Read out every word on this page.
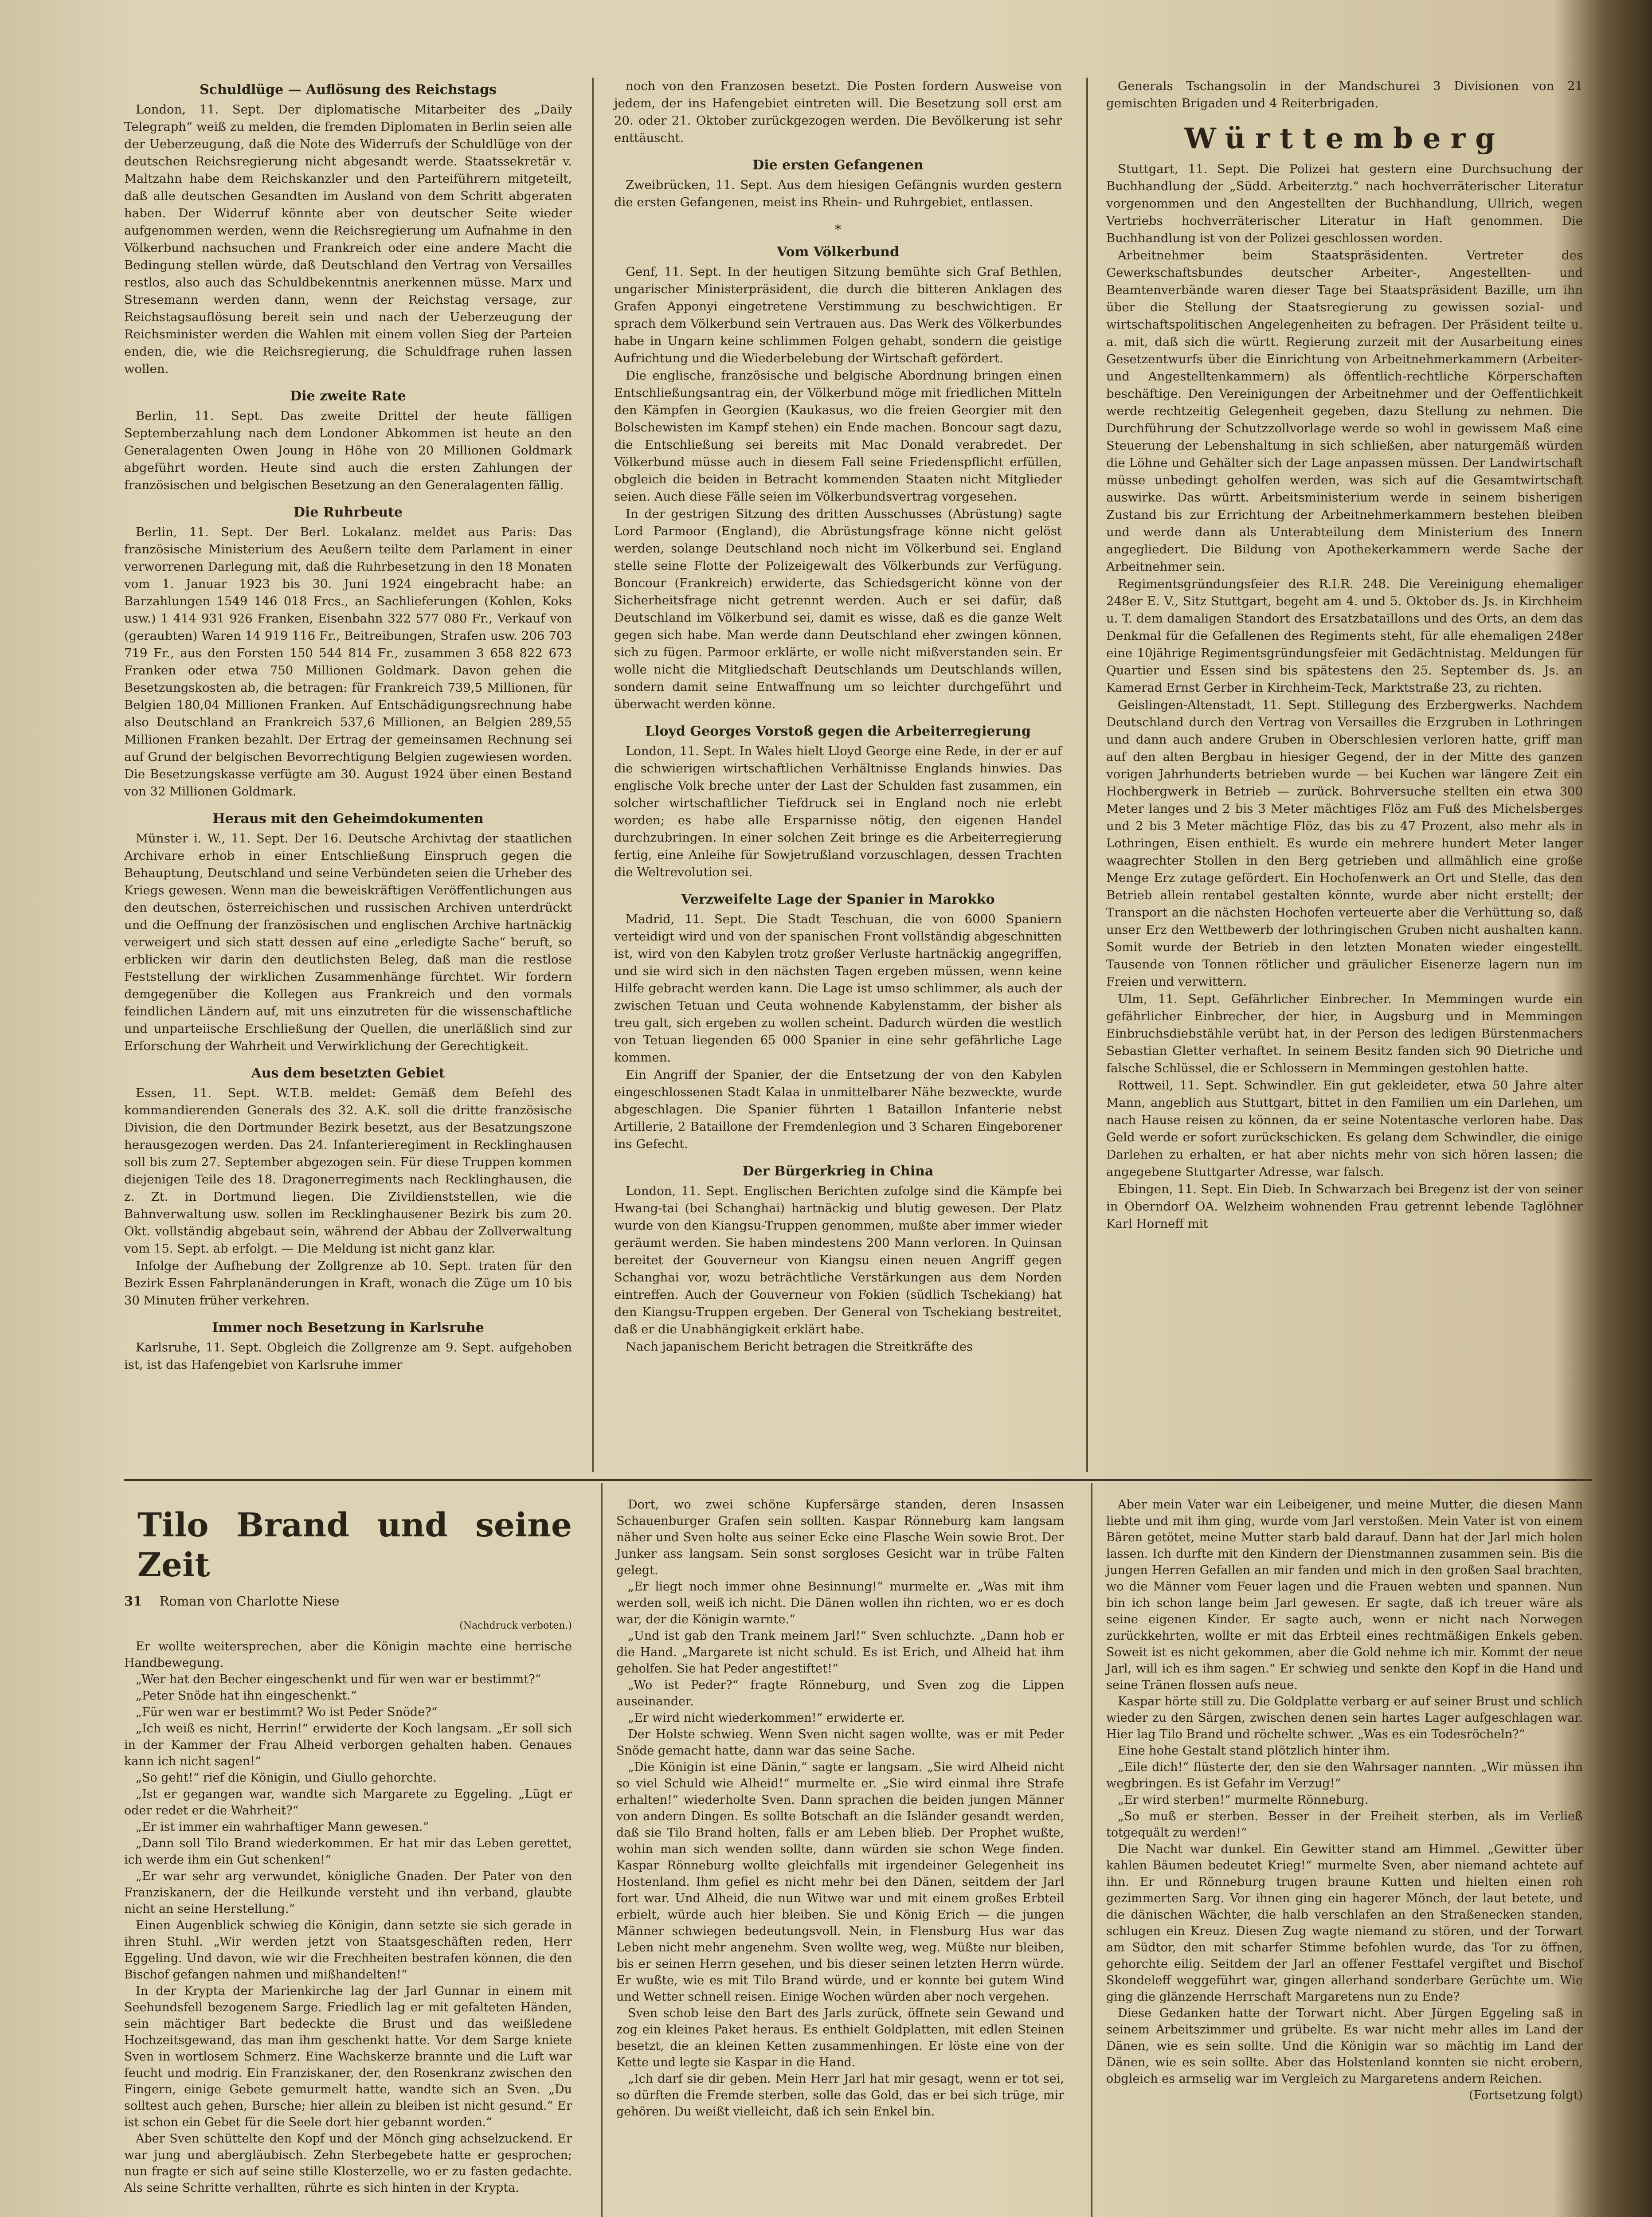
Schuldlüge — Auflösung des Reichstags

London, 11. Sept. Der diplomatische Mitarbeiter des „Daily Telegraph“ weiß zu melden, die fremden Diplomaten in Berlin seien alle der Ueberzeugung, daß die Note des Widerrufs der Schuldlüge von der deutschen Reichsregierung nicht abgesandt werde. Staatssekretär v. Maltzahn habe dem Reichskanzler und den Parteiführern mitgeteilt, daß alle deutschen Gesandten im Ausland von dem Schritt abgeraten haben. Der Widerruf könnte aber von deutscher Seite wieder aufgenommen werden, wenn die Reichsregierung um Aufnahme in den Völkerbund nachsuchen und Frankreich oder eine andere Macht die Bedingung stellen würde, daß Deutschland den Vertrag von Versailles restlos, also auch das Schuldbekenntnis anerkennen müsse. Marx und Stresemann werden dann, wenn der Reichstag versage, zur Reichstagsauflösung bereit sein und nach der Ueberzeugung der Reichsminister werden die Wahlen mit einem vollen Sieg der Parteien enden, die, wie die Reichsregierung, die Schuldfrage ruhen lassen wollen.

Die zweite Rate

Berlin, 11. Sept. Das zweite Drittel der heute fälligen Septemberzahlung nach dem Londoner Abkommen ist heute an den Generalagenten Owen Joung in Höhe von 20 Millionen Goldmark abgeführt worden. Heute sind auch die ersten Zahlungen der französischen und belgischen Besetzung an den Generalagenten fällig.

Die Ruhrbeute

Berlin, 11. Sept. Der Berl. Lokalanz. meldet aus Paris: Das französische Ministerium des Aeußern teilte dem Parlament in einer verworrenen Darlegung mit, daß die Ruhrbesetzung in den 18 Monaten vom 1. Januar 1923 bis 30. Juni 1924 eingebracht habe: an Barzahlungen 1549 146 018 Frcs., an Sachlieferungen (Kohlen, Koks usw.) 1 414 931 926 Franken, Eisenbahn 322 577 080 Fr., Verkauf von (geraubten) Waren 14 919 116 Fr., Beitreibungen, Strafen usw. 206 703 719 Fr., aus den Forsten 150 544 814 Fr., zusammen 3 658 822 673 Franken oder etwa 750 Millionen Goldmark. Davon gehen die Besetzungskosten ab, die betragen: für Frankreich 739,5 Millionen, für Belgien 180,04 Millionen Franken. Auf Entschädigungsrechnung habe also Deutschland an Frankreich 537,6 Millionen, an Belgien 289,55 Millionen Franken bezahlt. Der Ertrag der gemeinsamen Rechnung sei auf Grund der belgischen Bevorrechtigung Belgien zugewiesen worden. Die Besetzungskasse verfügte am 30. August 1924 über einen Bestand von 32 Millionen Goldmark.

Heraus mit den Geheimdokumenten

Münster i. W., 11. Sept. Der 16. Deutsche Archivtag der staatlichen Archivare erhob in einer Entschließung Einspruch gegen die Behauptung, Deutschland und seine Verbündeten seien die Urheber des Kriegs gewesen. Wenn man die beweiskräftigen Veröffentlichungen aus den deutschen, österreichischen und russischen Archiven unterdrückt und die Oeffnung der französischen und englischen Archive hartnäckig verweigert und sich statt dessen auf eine „erledigte Sache“ beruft, so erblicken wir darin den deutlichsten Beleg, daß man die restlose Feststellung der wirklichen Zusammenhänge fürchtet. Wir fordern demgegenüber die Kollegen aus Frankreich und den vormals feindlichen Ländern auf, mit uns einzutreten für die wissenschaftliche und unparteiische Erschließung der Quellen, die unerläßlich sind zur Erforschung der Wahrheit und Verwirklichung der Gerechtigkeit.

Aus dem besetzten Gebiet

Essen, 11. Sept. W.T.B. meldet: Gemäß dem Befehl des kommandierenden Generals des 32. A.K. soll die dritte französische Division, die den Dortmunder Bezirk besetzt, aus der Besatzungszone herausgezogen werden. Das 24. Infanterieregiment in Recklinghausen soll bis zum 27. September abgezogen sein. Für diese Truppen kommen diejenigen Teile des 18. Dragonerregiments nach Recklinghausen, die z. Zt. in Dortmund liegen. Die Zivildienststellen, wie die Bahnverwaltung usw. sollen im Recklinghausener Bezirk bis zum 20. Okt. vollständig abgebaut sein, während der Abbau der Zollverwaltung vom 15. Sept. ab erfolgt. — Die Meldung ist nicht ganz klar.

Infolge der Aufhebung der Zollgrenze ab 10. Sept. traten für den Bezirk Essen Fahrplanänderungen in Kraft, wonach die Züge um 10 bis 30 Minuten früher verkehren.

Immer noch Besetzung in Karlsruhe

Karlsruhe, 11. Sept. Obgleich die Zollgrenze am 9. Sept. aufgehoben ist, ist das Hafengebiet von Karlsruhe immer

noch von den Franzosen besetzt. Die Posten fordern Ausweise von jedem, der ins Hafengebiet eintreten will. Die Besetzung soll erst am 20. oder 21. Oktober zurückgezogen werden. Die Bevölkerung ist sehr enttäuscht.

Die ersten Gefangenen

Zweibrücken, 11. Sept. Aus dem hiesigen Gefängnis wurden gestern die ersten Gefangenen, meist ins Rhein- und Ruhrgebiet, entlassen.

*
Vom Völkerbund

Genf, 11. Sept. In der heutigen Sitzung bemühte sich Graf Bethlen, ungarischer Ministerpräsident, die durch die bitteren Anklagen des Grafen Apponyi eingetretene Verstimmung zu beschwichtigen. Er sprach dem Völkerbund sein Vertrauen aus. Das Werk des Völkerbundes habe in Ungarn keine schlimmen Folgen gehabt, sondern die geistige Aufrichtung und die Wiederbelebung der Wirtschaft gefördert.

Die englische, französische und belgische Abordnung bringen einen Entschließungsantrag ein, der Völkerbund möge mit friedlichen Mitteln den Kämpfen in Georgien (Kaukasus, wo die freien Georgier mit den Bolschewisten im Kampf stehen) ein Ende machen. Boncour sagt dazu, die Entschließung sei bereits mit Mac Donald verabredet. Der Völkerbund müsse auch in diesem Fall seine Friedenspflicht erfüllen, obgleich die beiden in Betracht kommenden Staaten nicht Mitglieder seien. Auch diese Fälle seien im Völkerbundsvertrag vorgesehen.

In der gestrigen Sitzung des dritten Ausschusses (Abrüstung) sagte Lord Parmoor (England), die Abrüstungsfrage könne nicht gelöst werden, solange Deutschland noch nicht im Völkerbund sei. England stelle seine Flotte der Polizeigewalt des Völkerbunds zur Verfügung. Boncour (Frankreich) erwiderte, das Schiedsgericht könne von der Sicherheitsfrage nicht getrennt werden. Auch er sei dafür, daß Deutschland im Völkerbund sei, damit es wisse, daß es die ganze Welt gegen sich habe. Man werde dann Deutschland eher zwingen können, sich zu fügen. Parmoor erklärte, er wolle nicht mißverstanden sein. Er wolle nicht die Mitgliedschaft Deutschlands um Deutschlands willen, sondern damit seine Entwaffnung um so leichter durchgeführt und überwacht werden könne.

Lloyd Georges Vorstoß gegen die Arbeiterregierung

London, 11. Sept. In Wales hielt Lloyd George eine Rede, in der er auf die schwierigen wirtschaftlichen Verhältnisse Englands hinwies. Das englische Volk breche unter der Last der Schulden fast zusammen, ein solcher wirtschaftlicher Tiefdruck sei in England noch nie erlebt worden; es habe alle Ersparnisse nötig, den eigenen Handel durchzubringen. In einer solchen Zeit bringe es die Arbeiterregierung fertig, eine Anleihe für Sowjetrußland vorzuschlagen, dessen Trachten die Weltrevolution sei.

Verzweifelte Lage der Spanier in Marokko

Madrid, 11. Sept. Die Stadt Teschuan, die von 6000 Spaniern verteidigt wird und von der spanischen Front vollständig abgeschnitten ist, wird von den Kabylen trotz großer Verluste hartnäckig angegriffen, und sie wird sich in den nächsten Tagen ergeben müssen, wenn keine Hilfe gebracht werden kann. Die Lage ist umso schlimmer, als auch der zwischen Tetuan und Ceuta wohnende Kabylenstamm, der bisher als treu galt, sich ergeben zu wollen scheint. Dadurch würden die westlich von Tetuan liegenden 65 000 Spanier in eine sehr gefährliche Lage kommen.

Ein Angriff der Spanier, der die Entsetzung der von den Kabylen eingeschlossenen Stadt Kalaa in unmittelbarer Nähe bezweckte, wurde abgeschlagen. Die Spanier führten 1 Bataillon Infanterie nebst Artillerie, 2 Bataillone der Fremdenlegion und 3 Scharen Eingeborener ins Gefecht.

Der Bürgerkrieg in China

London, 11. Sept. Englischen Berichten zufolge sind die Kämpfe bei Hwang-tai (bei Schanghai) hartnäckig und blutig gewesen. Der Platz wurde von den Kiangsu-Truppen genommen, mußte aber immer wieder geräumt werden. Sie haben mindestens 200 Mann verloren. In Quinsan bereitet der Gouverneur von Kiangsu einen neuen Angriff gegen Schanghai vor, wozu beträchtliche Verstärkungen aus dem Norden eintreffen. Auch der Gouverneur von Fokien (südlich Tschekiang) hat den Kiangsu-Truppen ergeben. Der General von Tschekiang bestreitet, daß er die Unabhängigkeit erklärt habe.

Nach japanischem Bericht betragen die Streitkräfte des

Generals Tschangsolin in der Mandschurei 3 Divisionen von 21 gemischten Brigaden und 4 Reiterbrigaden.

Württemberg

Stuttgart, 11. Sept. Die Polizei hat gestern eine Durchsuchung der Buchhandlung der „Südd. Arbeiterztg.“ nach hochverräterischer Literatur vorgenommen und den Angestellten der Buchhandlung, Ullrich, wegen Vertriebs hochverräterischer Literatur in Haft genommen. Die Buchhandlung ist von der Polizei geschlossen worden.

Arbeitnehmer beim Staatspräsidenten. Vertreter des Gewerkschaftsbundes deutscher Arbeiter-, Angestellten- und Beamtenverbände waren dieser Tage bei Staatspräsident Bazille, um ihn über die Stellung der Staatsregierung zu gewissen sozial- und wirtschaftspolitischen Angelegenheiten zu befragen. Der Präsident teilte u. a. mit, daß sich die württ. Regierung zurzeit mit der Ausarbeitung eines Gesetzentwurfs über die Einrichtung von Arbeitnehmerkammern (Arbeiter- und Angestelltenkammern) als öffentlich-rechtliche Körperschaften beschäftige. Den Vereinigungen der Arbeitnehmer und der Oeffentlichkeit werde rechtzeitig Gelegenheit gegeben, dazu Stellung zu nehmen. Die Durchführung der Schutzzollvorlage werde so wohl in gewissem Maß eine Steuerung der Lebenshaltung in sich schließen, aber naturgemäß würden die Löhne und Gehälter sich der Lage anpassen müssen. Der Landwirtschaft müsse unbedingt geholfen werden, was sich auf die Gesamtwirtschaft auswirke. Das württ. Arbeitsministerium werde in seinem bisherigen Zustand bis zur Errichtung der Arbeitnehmerkammern bestehen bleiben und werde dann als Unterabteilung dem Ministerium des Innern angegliedert. Die Bildung von Apothekerkammern werde Sache der Arbeitnehmer sein.

Regimentsgründungsfeier des R.I.R. 248. Die Vereinigung ehemaliger 248er E. V., Sitz Stuttgart, begeht am 4. und 5. Oktober ds. Js. in Kirchheim u. T. dem damaligen Standort des Ersatzbataillons und des Orts, an dem das Denkmal für die Gefallenen des Regiments steht, für alle ehemaligen 248er eine 10jährige Regimentsgründungsfeier mit Gedächtnistag. Meldungen für Quartier und Essen sind bis spätestens den 25. September ds. Js. an Kamerad Ernst Gerber in Kirchheim-Teck, Marktstraße 23, zu richten.

Geislingen-Altenstadt, 11. Sept. Stillegung des Erzbergwerks. Nachdem Deutschland durch den Vertrag von Versailles die Erzgruben in Lothringen und dann auch andere Gruben in Oberschlesien verloren hatte, griff man auf den alten Bergbau in hiesiger Gegend, der in der Mitte des ganzen vorigen Jahrhunderts betrieben wurde — bei Kuchen war längere Zeit ein Hochbergwerk in Betrieb — zurück. Bohrversuche stellten ein etwa 300 Meter langes und 2 bis 3 Meter mächtiges Flöz am Fuß des Michelsberges und 2 bis 3 Meter mächtige Flöz, das bis zu 47 Prozent, also mehr als in Lothringen, Eisen enthielt. Es wurde ein mehrere hundert Meter langer waagrechter Stollen in den Berg getrieben und allmählich eine große Menge Erz zutage gefördert. Ein Hochofenwerk an Ort und Stelle, das den Betrieb allein rentabel gestalten könnte, wurde aber nicht erstellt; der Transport an die nächsten Hochofen verteuerte aber die Verhüttung so, daß unser Erz den Wettbewerb der lothringischen Gruben nicht aushalten kann. Somit wurde der Betrieb in den letzten Monaten wieder eingestellt. Tausende von Tonnen rötlicher und gräulicher Eisenerze lagern nun im Freien und verwittern.

Ulm, 11. Sept. Gefährlicher Einbrecher. In Memmingen wurde ein gefährlicher Einbrecher, der hier, in Augsburg und in Memmingen Einbruchsdiebstähle verübt hat, in der Person des ledigen Bürstenmachers Sebastian Gletter verhaftet. In seinem Besitz fanden sich 90 Dietriche und falsche Schlüssel, die er Schlossern in Memmingen gestohlen hatte.

Rottweil, 11. Sept. Schwindler. Ein gut gekleideter, etwa 50 Jahre alter Mann, angeblich aus Stuttgart, bittet in den Familien um ein Darlehen, um nach Hause reisen zu können, da er seine Notentasche verloren habe. Das Geld werde er sofort zurückschicken. Es gelang dem Schwindler, die einige Darlehen zu erhalten, er hat aber nichts mehr von sich hören lassen; die angegebene Stuttgarter Adresse, war falsch.

Ebingen, 11. Sept. Ein Dieb. In Schwarzach bei Bregenz ist der von seiner in Oberndorf OA. Welzheim wohnenden Frau getrennt lebende Taglöhner Karl Horneff mit

Tilo Brand und seine Zeit
31 Roman von Charlotte Niese
(Nachdruck verboten.)

Er wollte weitersprechen, aber die Königin machte eine herrische Handbewegung.

„Wer hat den Becher eingeschenkt und für wen war er bestimmt?“

„Peter Snöde hat ihn eingeschenkt.“

„Für wen war er bestimmt? Wo ist Peder Snöde?“

„Ich weiß es nicht, Herrin!“ erwiderte der Koch langsam. „Er soll sich in der Kammer der Frau Alheid verborgen gehalten haben. Genaues kann ich nicht sagen!“

„So geht!“ rief die Königin, und Giullo gehorchte.

„Ist er gegangen war, wandte sich Margarete zu Eggeling. „Lügt er oder redet er die Wahrheit?“

„Er ist immer ein wahrhaftiger Mann gewesen.“

„Dann soll Tilo Brand wiederkommen. Er hat mir das Leben gerettet, ich werde ihm ein Gut schenken!“

„Er war sehr arg verwundet, königliche Gnaden. Der Pater von den Franziskanern, der die Heilkunde versteht und ihn verband, glaubte nicht an seine Herstellung.“

Einen Augenblick schwieg die Königin, dann setzte sie sich gerade in ihren Stuhl. „Wir werden jetzt von Staatsgeschäften reden, Herr Eggeling. Und davon, wie wir die Frechheiten bestrafen können, die den Bischof gefangen nahmen und mißhandelten!“

In der Krypta der Marienkirche lag der Jarl Gunnar in einem mit Seehundsfell bezogenem Sarge. Friedlich lag er mit gefalteten Händen, sein mächtiger Bart bedeckte die Brust und das weißledene Hochzeitsgewand, das man ihm geschenkt hatte. Vor dem Sarge kniete Sven in wortlosem Schmerz. Eine Wachskerze brannte und die Luft war feucht und modrig. Ein Franziskaner, der, den Rosenkranz zwischen den Fingern, einige Gebete gemurmelt hatte, wandte sich an Sven. „Du solltest auch gehen, Bursche; hier allein zu bleiben ist nicht gesund.“ Er ist schon ein Gebet für die Seele dort hier gebannt worden.“

Aber Sven schüttelte den Kopf und der Mönch ging achselzuckend. Er war jung und abergläubisch. Zehn Sterbegebete hatte er gesprochen; nun fragte er sich auf seine stille Klosterzelle, wo er zu fasten gedachte. Als seine Schritte verhallten, rührte es sich hinten in der Krypta.

Dort, wo zwei schöne Kupfersärge standen, deren Insassen Schauenburger Grafen sein sollten. Kaspar Rönneburg kam langsam näher und Sven holte aus seiner Ecke eine Flasche Wein sowie Brot. Der Junker ass langsam. Sein sonst sorgloses Gesicht war in trübe Falten gelegt.

„Er liegt noch immer ohne Besinnung!“ murmelte er. „Was mit ihm werden soll, weiß ich nicht. Die Dänen wollen ihn richten, wo er es doch war, der die Königin warnte.“

„Und ist gab den Trank meinem Jarl!“ Sven schluchzte. „Dann hob er die Hand. „Margarete ist nicht schuld. Es ist Erich, und Alheid hat ihm geholfen. Sie hat Peder angestiftet!“

„Wo ist Peder?“ fragte Rönneburg, und Sven zog die Lippen auseinander.

„Er wird nicht wiederkommen!“ erwiderte er.

Der Holste schwieg. Wenn Sven nicht sagen wollte, was er mit Peder Snöde gemacht hatte, dann war das seine Sache.

„Die Königin ist eine Dänin,“ sagte er langsam. „Sie wird Alheid nicht so viel Schuld wie Alheid!“ murmelte er. „Sie wird einmal ihre Strafe erhalten!“ wiederholte Sven. Dann sprachen die beiden jungen Männer von andern Dingen. Es sollte Botschaft an die Isländer gesandt werden, daß sie Tilo Brand holten, falls er am Leben blieb. Der Prophet wußte, wohin man sich wenden sollte, dann würden sie schon Wege finden. Kaspar Rönneburg wollte gleichfalls mit irgendeiner Gelegenheit ins Hostenland. Ihm gefiel es nicht mehr bei den Dänen, seitdem der Jarl fort war. Und Alheid, die nun Witwe war und mit einem großes Erbteil erbielt, würde auch hier bleiben. Sie und König Erich — die jungen Männer schwiegen bedeutungsvoll. Nein, in Flensburg Hus war das Leben nicht mehr angenehm. Sven wollte weg, weg. Müßte nur bleiben, bis er seinen Herrn gesehen, und bis dieser seinen letzten Herrn würde. Er wußte, wie es mit Tilo Brand würde, und er konnte bei gutem Wind und Wetter schnell reisen. Einige Wochen würden aber noch vergehen.

Sven schob leise den Bart des Jarls zurück, öffnete sein Gewand und zog ein kleines Paket heraus. Es enthielt Goldplatten, mit edlen Steinen besetzt, die an kleinen Ketten zusammenhingen. Er löste eine von der Kette und legte sie Kaspar in die Hand.

„Ich darf sie dir geben. Mein Herr Jarl hat mir gesagt, wenn er tot sei, so dürften die Fremde sterben, solle das Gold, das er bei sich trüge, mir gehören. Du weißt vielleicht, daß ich sein Enkel bin.

Aber mein Vater war ein Leibeigener, und meine Mutter, die diesen Mann liebte und mit ihm ging, wurde vom Jarl verstoßen. Mein Vater ist von einem Bären getötet, meine Mutter starb bald darauf. Dann hat der Jarl mich holen lassen. Ich durfte mit den Kindern der Dienstmannen zusammen sein. Bis die jungen Herren Gefallen an mir fanden und mich in den großen Saal brachten, wo die Männer vom Feuer lagen und die Frauen webten und spannen. Nun bin ich schon lange beim Jarl gewesen. Er sagte, daß ich treuer wäre als seine eigenen Kinder. Er sagte auch, wenn er nicht nach Norwegen zurückkehrten, wollte er mit das Erbteil eines rechtmäßigen Enkels geben. Soweit ist es nicht gekommen, aber die Gold nehme ich mir. Kommt der neue Jarl, will ich es ihm sagen.“ Er schwieg und senkte den Kopf in die Hand und seine Tränen flossen aufs neue.

Kaspar hörte still zu. Die Goldplatte verbarg er auf seiner Brust und schlich wieder zu den Särgen, zwischen denen sein hartes Lager aufgeschlagen war. Hier lag Tilo Brand und röchelte schwer. „Was es ein Todesröcheln?“

Eine hohe Gestalt stand plötzlich hinter ihm.

„Eile dich!“ flüsterte der, den sie den Wahrsager nannten. „Wir müssen ihn wegbringen. Es ist Gefahr im Verzug!“

„Er wird sterben!“ murmelte Rönneburg.

„So muß er sterben. Besser in der Freiheit sterben, als im Verließ totgequält zu werden!“

Die Nacht war dunkel. Ein Gewitter stand am Himmel. „Gewitter über kahlen Bäumen bedeutet Krieg!“ murmelte Sven, aber niemand achtete auf ihn. Er und Rönneburg trugen braune Kutten und hielten einen roh gezimmerten Sarg. Vor ihnen ging ein hagerer Mönch, der laut betete, und die dänischen Wächter, die halb verschlafen an den Straßenecken standen, schlugen ein Kreuz. Diesen Zug wagte niemand zu stören, und der Torwart am Südtor, den mit scharfer Stimme befohlen wurde, das Tor zu öffnen, gehorchte eilig. Seitdem der Jarl an offener Festtafel vergiftet und Bischof Skondeleff weggeführt war, gingen allerhand sonderbare Gerüchte um. Wie ging die glänzende Herrschaft Margaretens nun zu Ende?

Diese Gedanken hatte der Torwart nicht. Aber Jürgen Eggeling saß in seinem Arbeitszimmer und grübelte. Es war nicht mehr alles im Land der Dänen, wie es sein sollte. Und die Königin war so mächtig im Land der Dänen, wie es sein sollte. Aber das Holstenland konnten sie nicht erobern, obgleich es armselig war im Vergleich zu Margaretens andern Reichen.

(Fortsetzung folgt)
